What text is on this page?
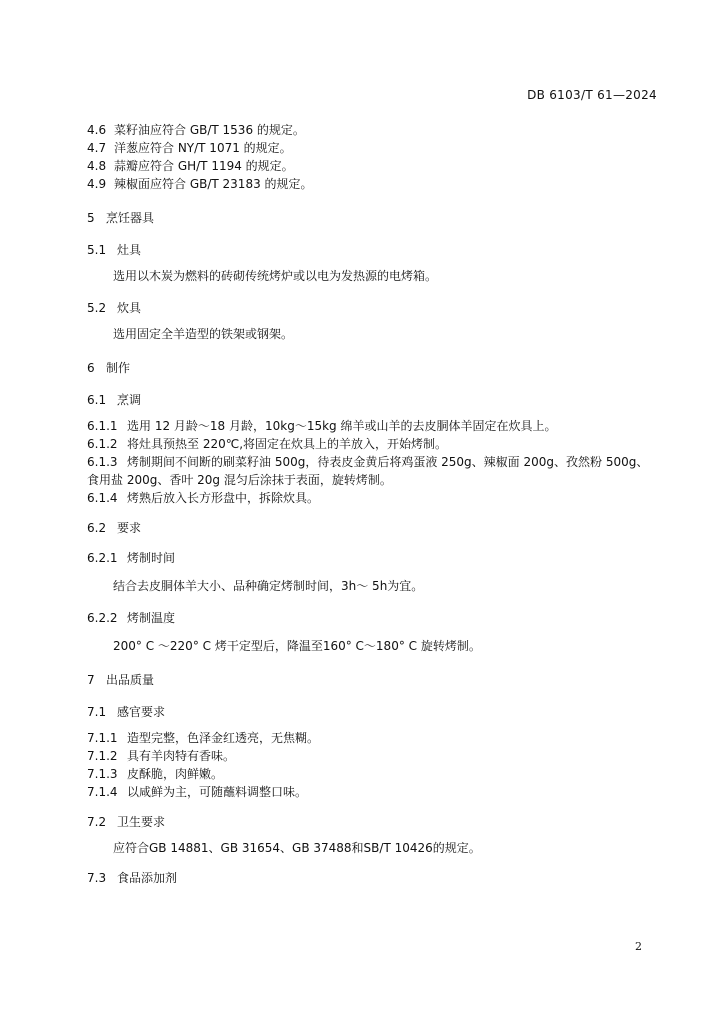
DB 6103/T 61—2024
4.6 菜籽油应符合 GB/T 1536 的规定。
4.7 洋葱应符合 NY/T 1071 的规定。
4.8 蒜瓣应符合 GH/T 1194 的规定。
4.9 辣椒面应符合 GB/T 23183 的规定。
5 烹饪器具
5.1 灶具
选用以木炭为燃料的砖砌传统烤炉或以电为发热源的电烤箱。
5.2 炊具
选用固定全羊造型的铁架或钢架。
6 制作
6.1 烹调
6.1.1 选用 12 月龄～18 月龄，10kg～15kg 绵羊或山羊的去皮胴体羊固定在炊具上。
6.1.2 将灶具预热至 220℃,将固定在炊具上的羊放入，开始烤制。
6.1.3 烤制期间不间断的刷菜籽油 500g，待表皮金黄后将鸡蛋液 250g、辣椒面 200g、孜然粉 500g、
食用盐 200g、香叶 20g 混匀后涂抹于表面，旋转烤制。
6.1.4 烤熟后放入长方形盘中，拆除炊具。
6.2 要求
6.2.1 烤制时间
结合去皮胴体羊大小、品种确定烤制时间，3h～ 5h为宜。
6.2.2 烤制温度
200° C ～220° C 烤干定型后，降温至160° C～180° C 旋转烤制。
7 出品质量
7.1 感官要求
7.1.1 造型完整，色泽金红透亮，无焦糊。
7.1.2 具有羊肉特有香味。
7.1.3 皮酥脆，肉鲜嫩。
7.1.4 以咸鲜为主，可随蘸料调整口味。
7.2 卫生要求
应符合GB 14881、GB 31654、GB 37488和SB/T 10426的规定。
7.3 食品添加剂
2
